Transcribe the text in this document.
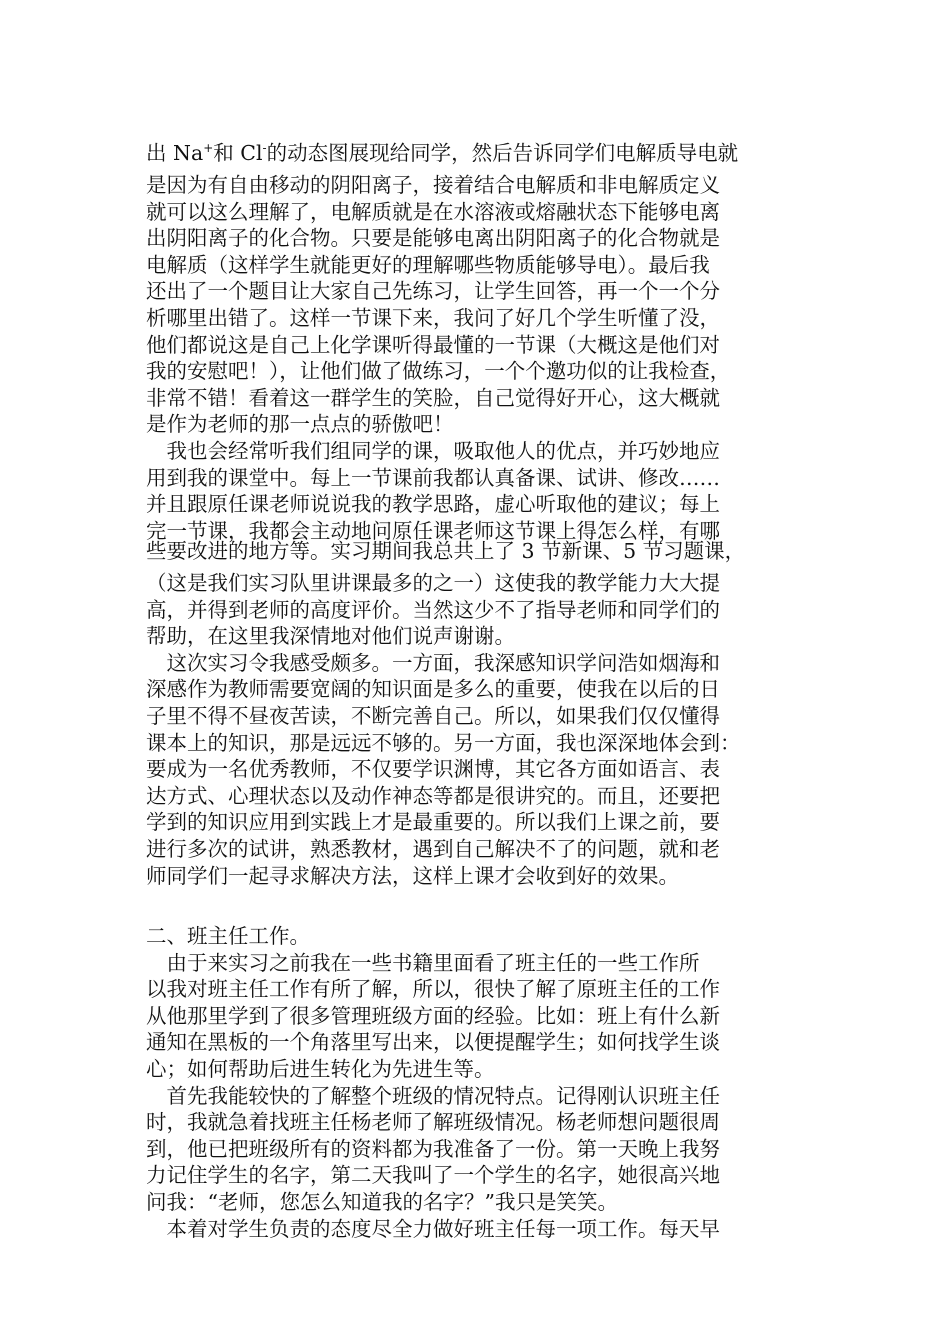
出 Na+和 Cl-的动态图展现给同学，然后告诉同学们电解质导电就
是因为有自由移动的阴阳离子，接着结合电解质和非电解质定义
就可以这么理解了，电解质就是在水溶液或熔融状态下能够电离
出阴阳离子的化合物。只要是能够电离出阴阳离子的化合物就是
电解质（这样学生就能更好的理解哪些物质能够导电）。最后我
还出了一个题目让大家自己先练习，让学生回答，再一个一个分
析哪里出错了。这样一节课下来，我问了好几个学生听懂了没，
他们都说这是自己上化学课听得最懂的一节课（大概这是他们对
我的安慰吧！），让他们做了做练习，一个个邀功似的让我检查，
非常不错！看着这一群学生的笑脸，自己觉得好开心，这大概就
是作为老师的那一点点的骄傲吧！
　我也会经常听我们组同学的课，吸取他人的优点，并巧妙地应
用到我的课堂中。每上一节课前我都认真备课、试讲、修改……
并且跟原任课老师说说我的教学思路，虚心听取他的建议；每上
完一节课，我都会主动地问原任课老师这节课上得怎么样，有哪
些要改进的地方等。实习期间我总共上了 3 节新课、5 节习题课，
（这是我们实习队里讲课最多的之一）这使我的教学能力大大提
高，并得到老师的高度评价。当然这少不了指导老师和同学们的
帮助，在这里我深情地对他们说声谢谢。
　这次实习令我感受颇多。一方面，我深感知识学问浩如烟海和
深感作为教师需要宽阔的知识面是多么的重要，使我在以后的日
子里不得不昼夜苦读，不断完善自己。所以，如果我们仅仅懂得
课本上的知识，那是远远不够的。另一方面，我也深深地体会到：
要成为一名优秀教师，不仅要学识渊博，其它各方面如语言、表
达方式、心理状态以及动作神态等都是很讲究的。而且，还要把
学到的知识应用到实践上才是最重要的。所以我们上课之前，要
进行多次的试讲，熟悉教材，遇到自己解决不了的问题，就和老
师同学们一起寻求解决方法，这样上课才会收到好的效果。
二、班主任工作。
　由于来实习之前我在一些书籍里面看了班主任的一些工作所
以我对班主任工作有所了解，所以，很快了解了原班主任的工作
从他那里学到了很多管理班级方面的经验。比如：班上有什么新
通知在黑板的一个角落里写出来，以便提醒学生；如何找学生谈
心；如何帮助后进生转化为先进生等。
　首先我能较快的了解整个班级的情况特点。记得刚认识班主任
时，我就急着找班主任杨老师了解班级情况。杨老师想问题很周
到，他已把班级所有的资料都为我准备了一份。第一天晚上我努
力记住学生的名字，第二天我叫了一个学生的名字，她很高兴地
问我：“老师，您怎么知道我的名字？”我只是笑笑。
　本着对学生负责的态度尽全力做好班主任每一项工作。每天早
